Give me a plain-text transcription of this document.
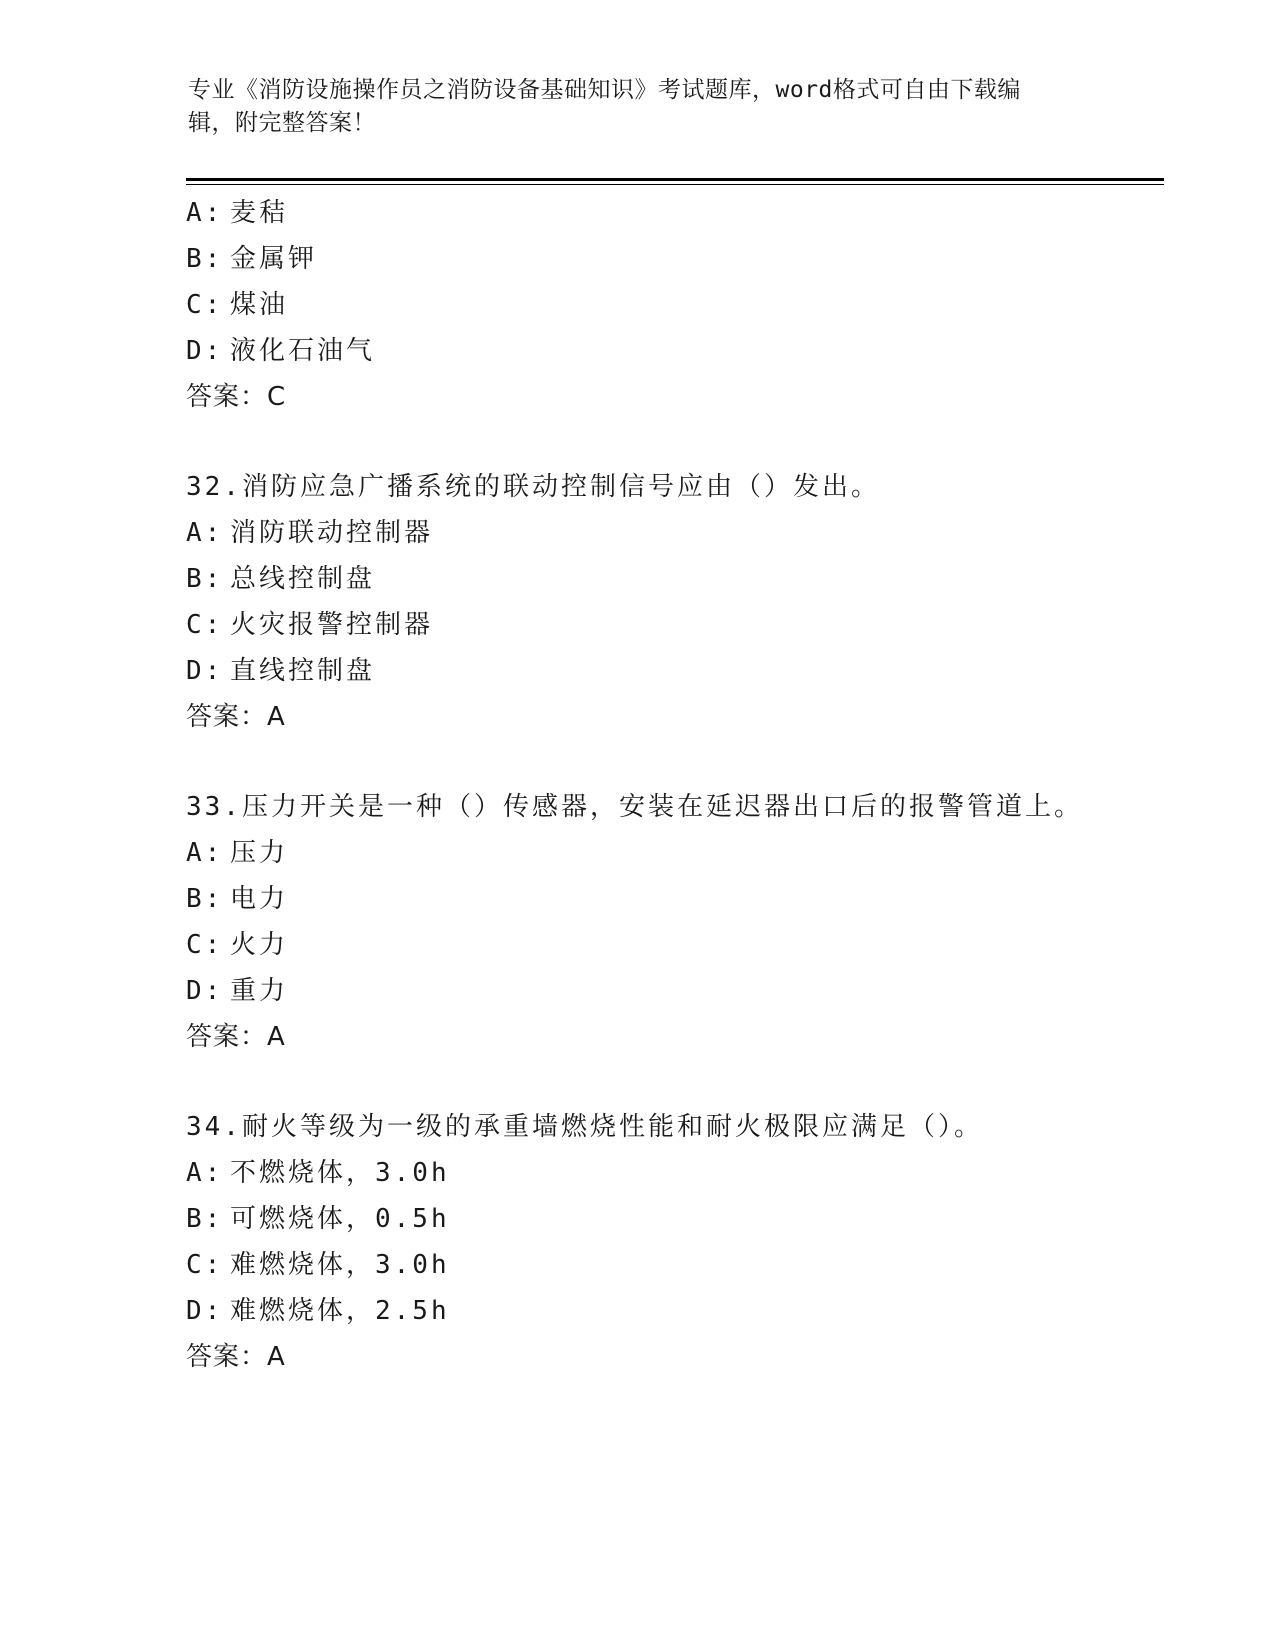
专业《消防设施操作员之消防设备基础知识》考试题库，word格式可自由下载编
辑，附完整答案！
A: 麦秸
B: 金属钾
C: 煤油
D: 液化石油气
答案：C
32.消防应急广播系统的联动控制信号应由（）发出。
A: 消防联动控制器
B: 总线控制盘
C: 火灾报警控制器
D: 直线控制盘
答案：A
33.压力开关是一种（）传感器，安装在延迟器出口后的报警管道上。
A: 压力
B: 电力
C: 火力
D: 重力
答案：A
34.耐火等级为一级的承重墙燃烧性能和耐火极限应满足（）。
A: 不燃烧体，3.0h
B: 可燃烧体，0.5h
C: 难燃烧体，3.0h
D: 难燃烧体，2.5h
答案：A
